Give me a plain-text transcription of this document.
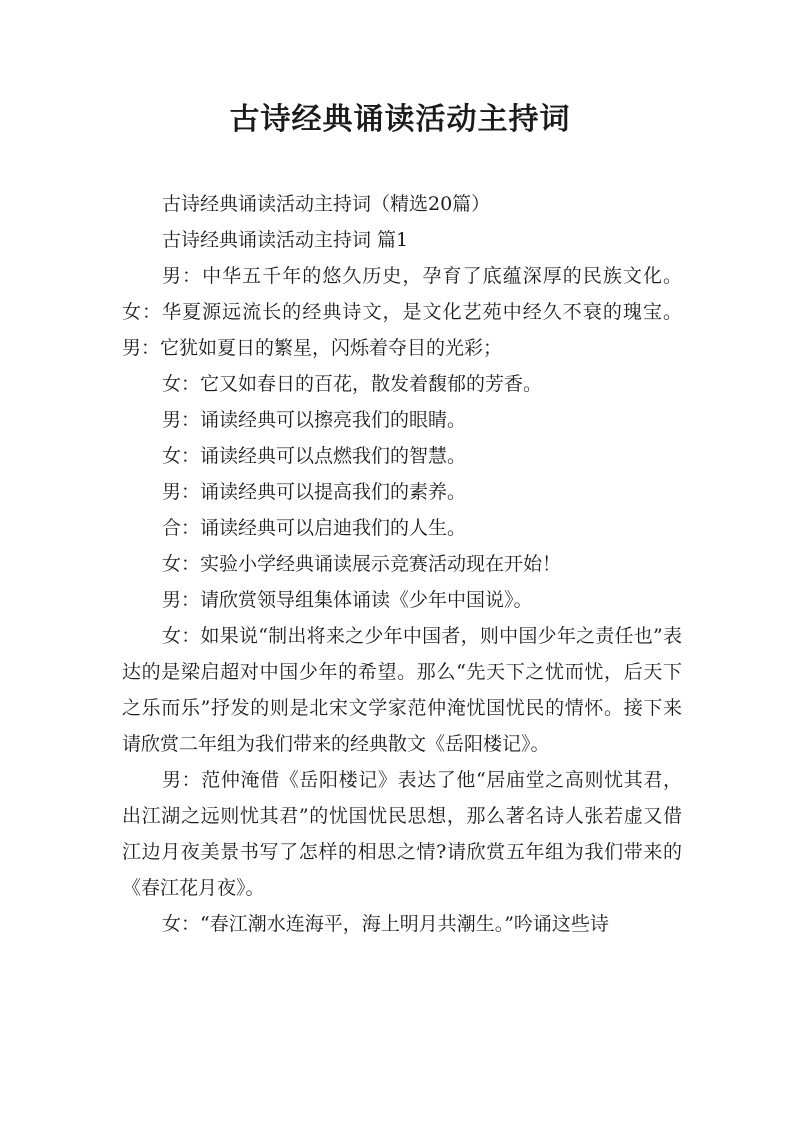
古诗经典诵读活动主持词

古诗经典诵读活动主持词（精选20篇）

古诗经典诵读活动主持词 篇1

男：中华五千年的悠久历史，孕育了底蕴深厚的民族文化。 女：华夏源远流长的经典诗文，是文化艺苑中经久不衰的瑰宝。 男：它犹如夏日的繁星，闪烁着夺目的光彩；

女：它又如春日的百花，散发着馥郁的芳香。

男：诵读经典可以擦亮我们的眼睛。

女：诵读经典可以点燃我们的智慧。

男：诵读经典可以提高我们的素养。

合：诵读经典可以启迪我们的人生。

女：实验小学经典诵读展示竞赛活动现在开始！

男：请欣赏领导组集体诵读《少年中国说》。

女：如果说“制出将来之少年中国者，则中国少年之责任也”表达的是梁启超对中国少年的希望。那么“先天下之忧而忧，后天下之乐而乐”抒发的则是北宋文学家范仲淹忧国忧民的情怀。接下来请欣赏二年组为我们带来的经典散文《岳阳楼记》。

男：范仲淹借《岳阳楼记》表达了他“居庙堂之高则忧其君，出江湖之远则忧其君”的忧国忧民思想，那么著名诗人张若虚又借江边月夜美景书写了怎样的相思之情?请欣赏五年组为我们带来的《春江花月夜》。

女：“春江潮水连海平，海上明月共潮生。”吟诵这些诗
